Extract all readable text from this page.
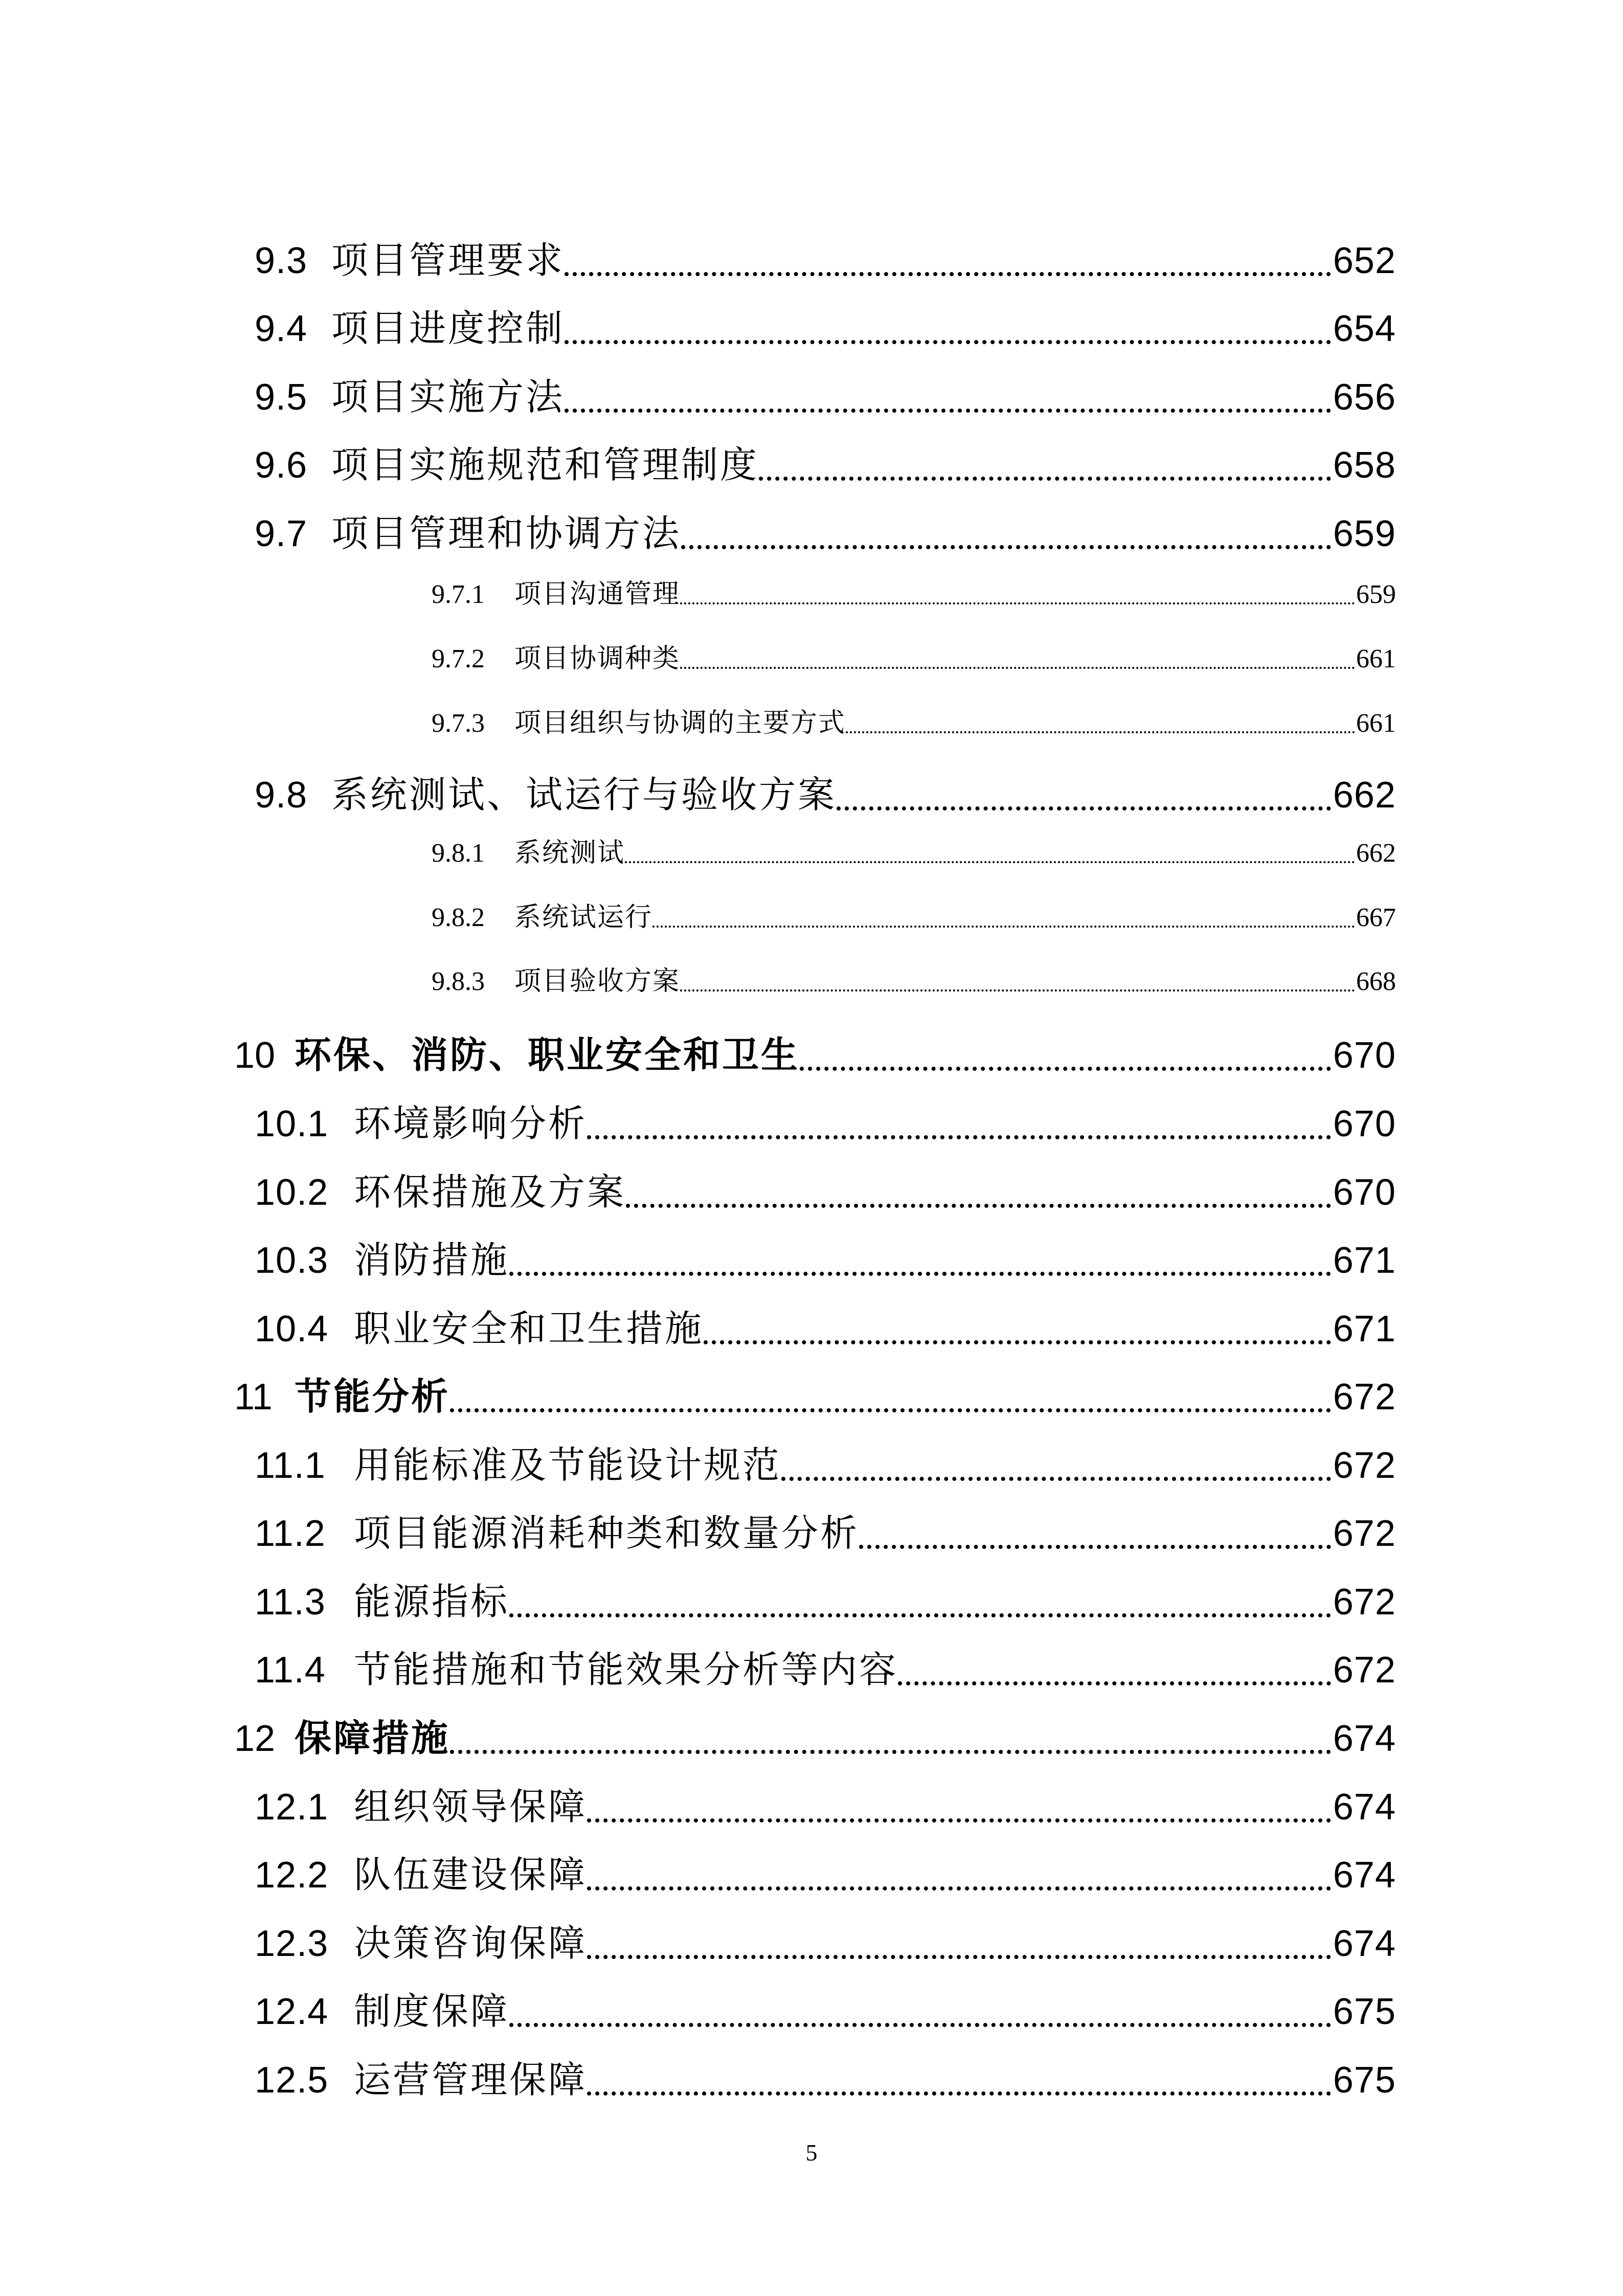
9.3 项目管理要求	652
9.4 项目进度控制	654
9.5 项目实施方法	656
9.6 项目实施规范和管理制度	658
9.7 项目管理和协调方法	659
9.7.1	项目沟通管理	659
9.7.2	项目协调种类	661
9.7.3	项目组织与协调的主要方式	661
9.8 系统测试、试运行与验收方案	662
9.8.1	系统测试	662
9.8.2	系统试运行	667
9.8.3	项目验收方案	668
10 环保、消防、职业安全和卫生	670
10.1 环境影响分析	670
10.2 环保措施及方案	670
10.3 消防措施	671
10.4 职业安全和卫生措施	671
11 节能分析	672
11.1 用能标准及节能设计规范	672
11.2 项目能源消耗种类和数量分析	672
11.3 能源指标	672
11.4 节能措施和节能效果分析等内容	672
12 保障措施	674
12.1 组织领导保障	674
12.2 队伍建设保障	674
12.3 决策咨询保障	674
12.4 制度保障	675
12.5 运营管理保障	675
5
